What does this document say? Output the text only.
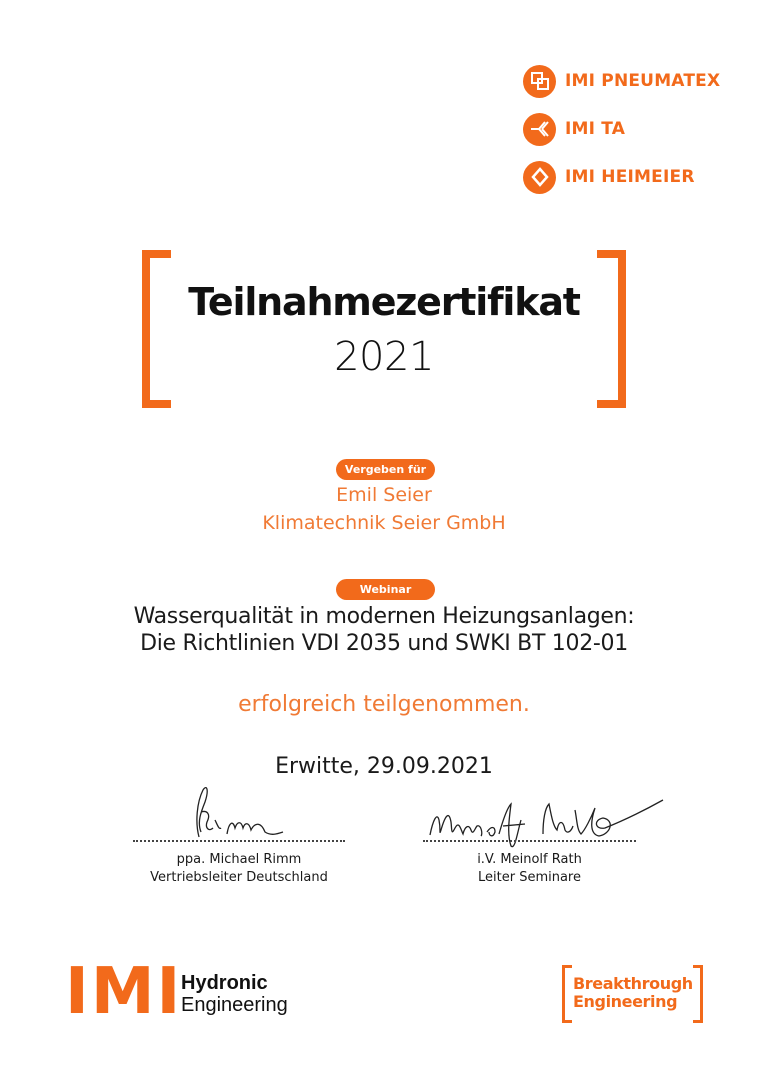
IMI PNEUMATEX
IMI TA
IMI HEIMEIER
Teilnahmezertifikat
2021
Vergeben für
Emil Seier
Klimatechnik Seier GmbH
Webinar
Wasserqualität in modernen Heizungsanlagen:
Die Richtlinien VDI 2035 und SWKI BT 102-01
erfolgreich teilgenommen.
Erwitte, 29.09.2021
ppa. Michael Rimm
Vertriebsleiter Deutschland
i.V. Meinolf Rath
Leiter Seminare
IMI
Hydronic
Engineering
Breakthrough
Engineering
